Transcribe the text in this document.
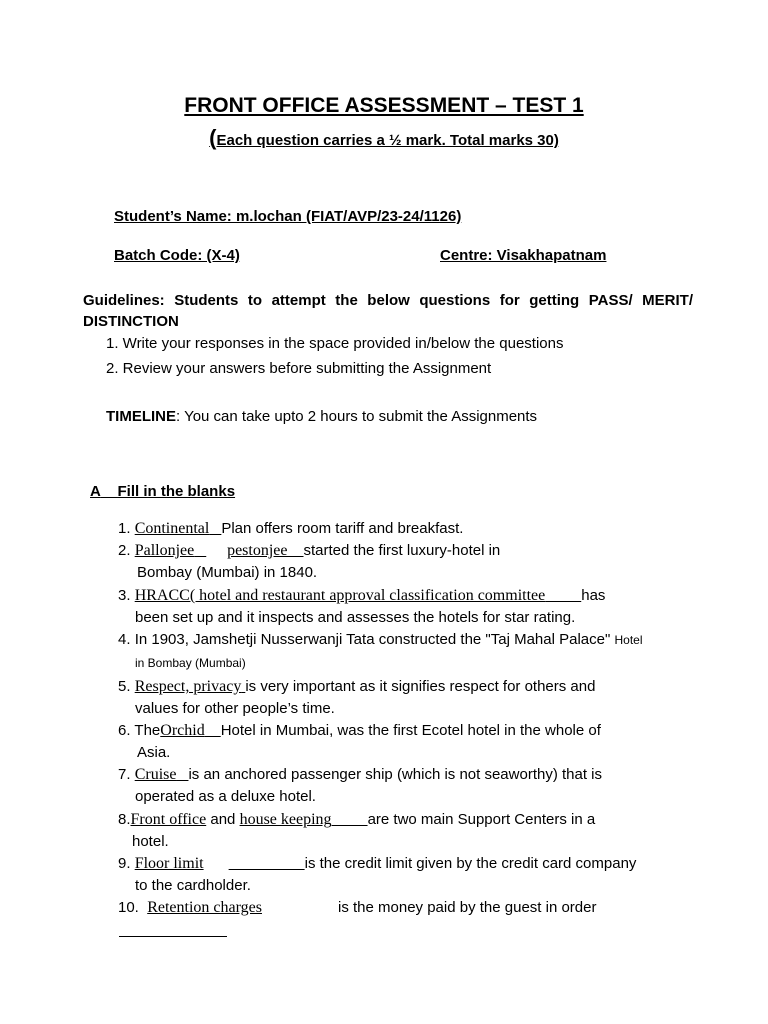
FRONT OFFICE ASSESSMENT – TEST 1
(Each question carries a ½ mark. Total marks 30)
Student’s Name: m.lochan (FIAT/AVP/23-24/1126)
Batch Code: (X-4)	Centre: Visakhapatnam
Guidelines: Students to attempt the below questions for getting PASS/ MERIT/
DISTINCTION
1. Write your responses in the space provided in/below the questions
2. Review your answers before submitting the Assignment
TIMELINE: You can take upto 2 hours to submit the Assignments
A Fill in the blanks
1. Continental Plan offers room tariff and breakfast.
2. Pallonjee pestonjee started the first luxury-hotel in
Bombay (Mumbai) in 1840.
3. HRACC( hotel and restaurant approval classification committee has
been set up and it inspects and assesses the hotels for star rating.
4. In 1903, Jamshetji Nusserwanji Tata constructed the "Taj Mahal Palace" Hotel
in Bombay (Mumbai)
5. Respect, privacy is very important as it signifies respect for others and
values for other people’s time.
6. TheOrchid Hotel in Mumbai, was the first Ecotel hotel in the whole of
Asia.
7. Cruise is an anchored passenger ship (which is not seaworthy) that is
operated as a deluxe hotel.
8.Front office and house keeping are two main Support Centers in a
hotel.
9. Floor limit	is the credit limit given by the credit card company
to the cardholder.
10. Retention charges	is the money paid by the guest in order
